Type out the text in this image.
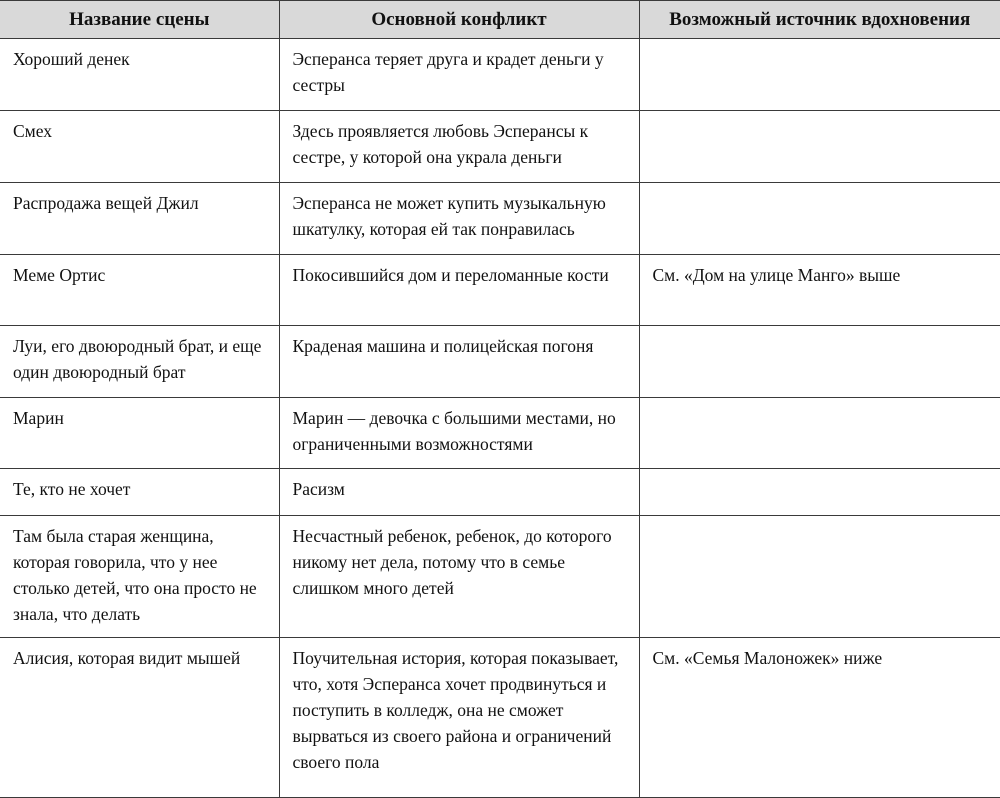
Название сцены	Основной конфликт	Возможный источник вдохновения
Хороший денек	Эсперанса теряет друга и крадет деньги у сестры	
Смех	Здесь проявляется любовь Эсперансы к сестре, у которой она украла деньги	
Распродажа вещей Джил	Эсперанса не может купить музыкальную шкатулку, которая ей так понравилась	
Меме Ортис	Покосившийся дом и переломанные кости	См. «Дом на улице Манго» выше
Луи, его двоюродный брат, и еще один двоюродный брат	Краденая машина и полицейская погоня	
Марин	Марин — девочка с большими местами, но ограниченными возможностями	
Те, кто не хочет	Расизм	
Там была старая женщина, которая говорила, что у нее столько детей, что она просто не знала, что делать	Несчастный ребенок, ребенок, до которого никому нет дела, потому что в семье слишком много детей	
Алисия, которая видит мышей	Поучительная история, которая показывает, что, хотя Эсперанса хочет продвинуться и поступить в колледж, она не сможет вырваться из своего района и ограничений своего пола	См. «Семья Малоножек» ниже
